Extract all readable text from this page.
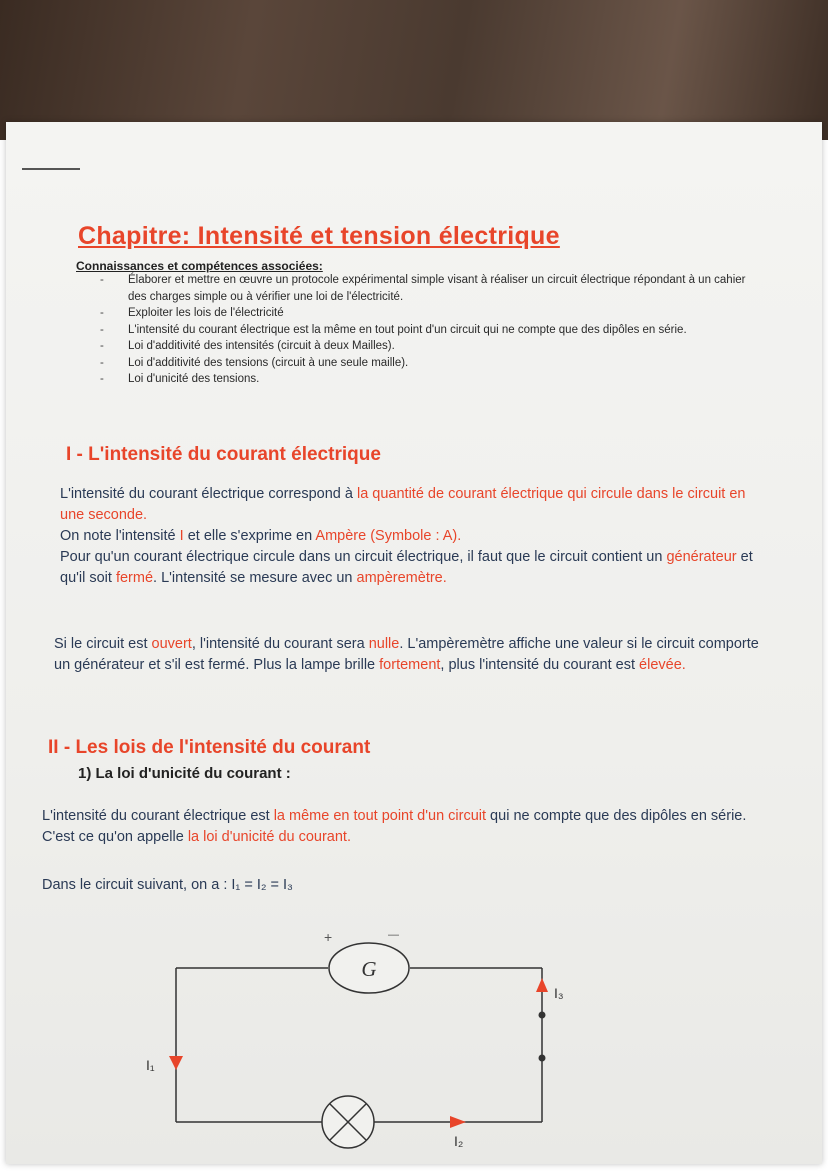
Chapitre: Intensité et tension électrique
Connaissances et compétences associées:
- Élaborer et mettre en œuvre un protocole expérimental simple visant à réaliser un circuit électrique répondant à un cahier des charges simple ou à vérifier une loi de l'électricité.
- Exploiter les lois de l'électricité
- L'intensité du courant électrique est la même en tout point d'un circuit qui ne compte que des dipôles en série.
- Loi d'additivité des intensités (circuit à deux Mailles).
- Loi d'additivité des tensions (circuit à une seule maille).
- Loi d'unicité des tensions.
I - L'intensité du courant électrique

L'intensité du courant électrique correspond à la quantité de courant électrique qui circule dans le circuit en une seconde.
On note l'intensité I et elle s'exprime en Ampère (Symbole : A).
Pour qu'un courant électrique circule dans un circuit électrique, il faut que le circuit contient un générateur et qu'il soit fermé. L'intensité se mesure avec un ampèremètre.

Si le circuit est ouvert, l'intensité du courant sera nulle. L'ampèremètre affiche une valeur si le circuit comporte un générateur et s'il est fermé. Plus la lampe brille fortement, plus l'intensité du courant est élevée.

II - Les lois de l'intensité du courant
1) La loi d'unicité du courant :

L'intensité du courant électrique est la même en tout point d'un circuit qui ne compte que des dipôles en série. C'est ce qu'on appelle la loi d'unicité du courant.

Dans le circuit suivant, on a : I₁ = I₂ = I₃

G
+	—
I₁
I₂
I₃
